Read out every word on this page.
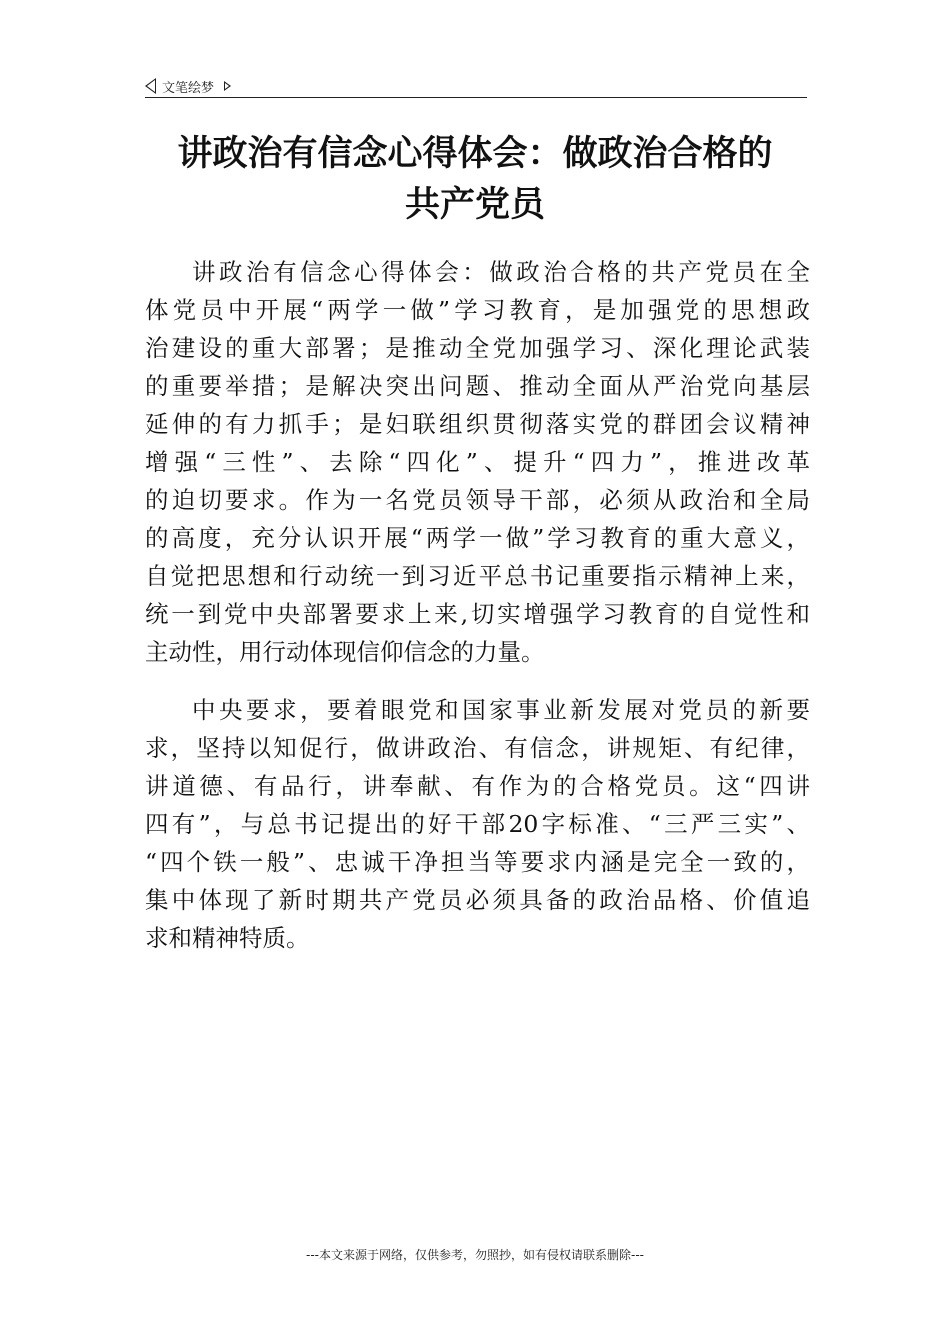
文笔绘梦
讲政治有信念心得体会：做政治合格的
共产党员
讲政治有信念心得体会：做政治合格的共产党员在全
体党员中开展“两学一做”学习教育，是加强党的思想政
治建设的重大部署；是推动全党加强学习、深化理论武装
的重要举措；是解决突出问题、推动全面从严治党向基层
延伸的有力抓手；是妇联组织贯彻落实党的群团会议精神
增强“三性”、去除“四化”、提升“四力”，推进改革
的迫切要求。作为一名党员领导干部，必须从政治和全局
的高度，充分认识开展“两学一做”学习教育的重大意义，
自觉把思想和行动统一到习近平总书记重要指示精神上来，
统一到党中央部署要求上来,切实增强学习教育的自觉性和
主动性，用行动体现信仰信念的力量。
中央要求，要着眼党和国家事业新发展对党员的新要
求，坚持以知促行，做讲政治、有信念，讲规矩、有纪律，
讲道德、有品行，讲奉献、有作为的合格党员。这“四讲
四有”，与总书记提出的好干部20字标准、“三严三实”、
“四个铁一般”、忠诚干净担当等要求内涵是完全一致的，
集中体现了新时期共产党员必须具备的政治品格、价值追
求和精神特质。
---本文来源于网络，仅供参考，勿照抄，如有侵权请联系删除---
